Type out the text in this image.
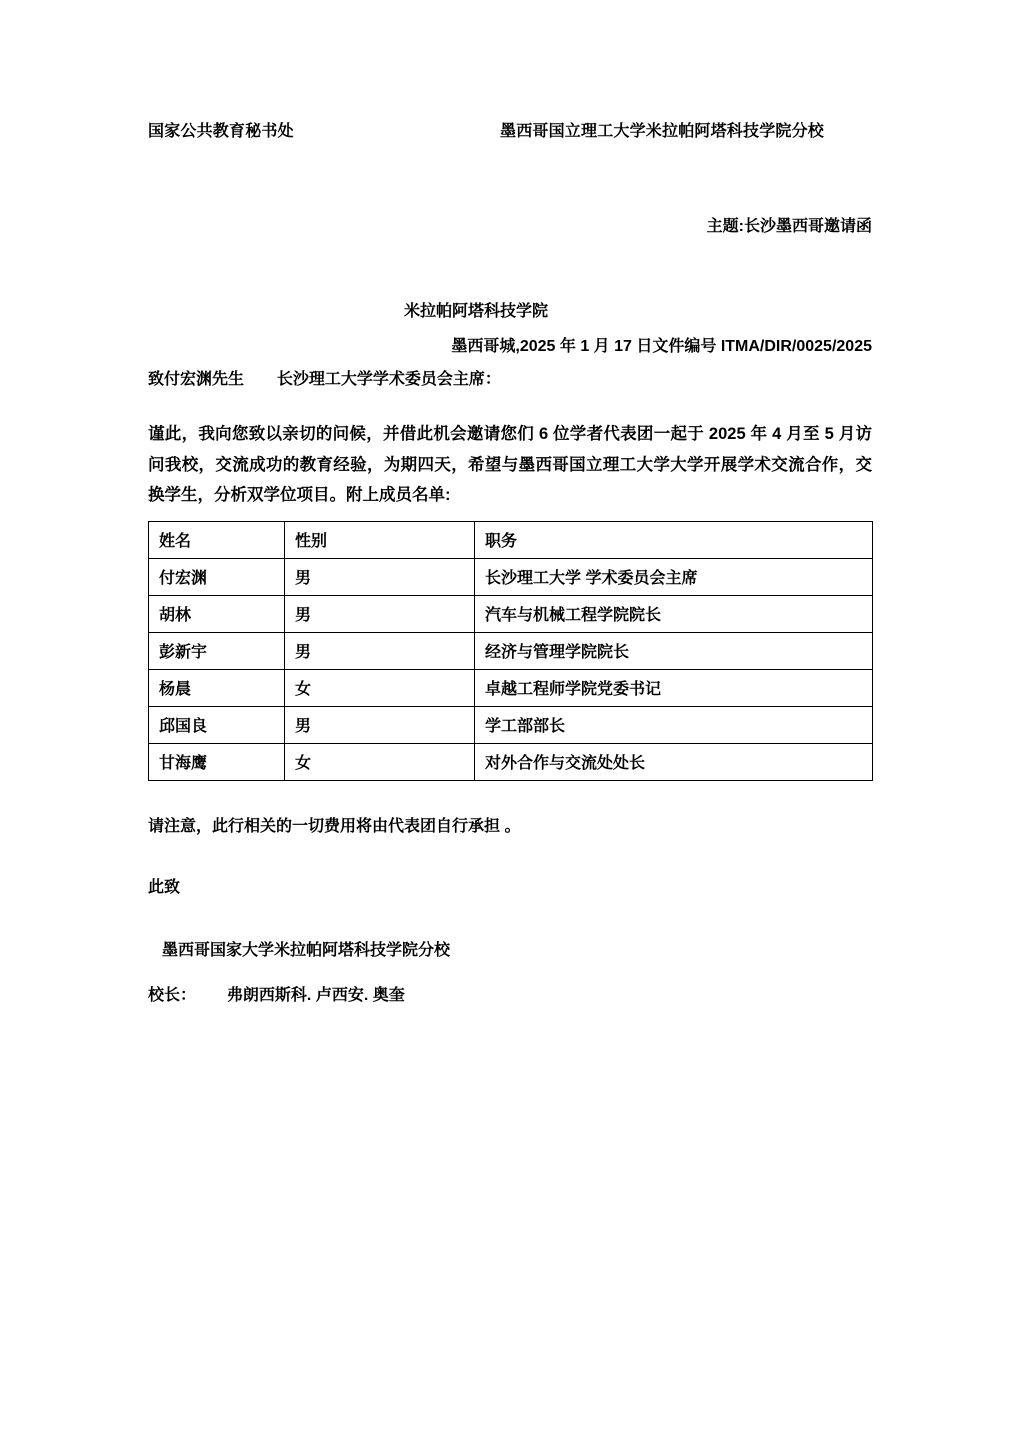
国家公共教育秘书处	墨西哥国立理工大学米拉帕阿塔科技学院分校
主题:长沙墨西哥邀请函
米拉帕阿塔科技学院
墨西哥城,2025 年 1 月 17 日文件编号 ITMA/DIR/0025/2025
致付宏渊先生 长沙理工大学学术委员会主席：
谨此，我向您致以亲切的问候，并借此机会邀请您们 6 位学者代表团一起于 2025 年 4 月至 5 月访问我校，交流成功的教育经验，为期四天，希望与墨西哥国立理工大学大学开展学术交流合作，交换学生，分析双学位项目。附上成员名单:
姓名	性别	职务
付宏渊	男	长沙理工大学 学术委员会主席
胡林	男	汽车与机械工程学院院长
彭新宇	男	经济与管理学院院长
杨晨	女	卓越工程师学院党委书记
邱国良	男	学工部部长
甘海鹰	女	对外合作与交流处处长
请注意，此行相关的一切费用将由代表团自行承担 。
此致
墨西哥国家大学米拉帕阿塔科技学院分校
校长： 弗朗西斯科. 卢西安. 奥奎
